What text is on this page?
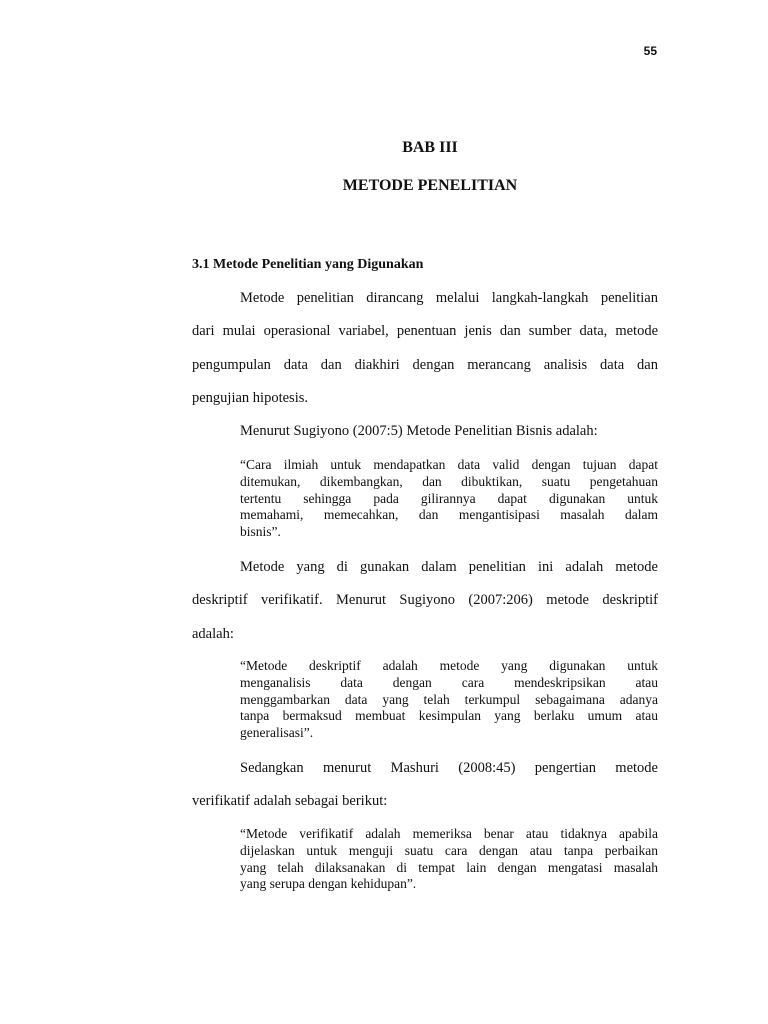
55
BAB III
METODE PENELITIAN
3.1 Metode Penelitian yang Digunakan
Metode penelitian dirancang melalui langkah-langkah penelitian
dari mulai operasional variabel, penentuan jenis dan sumber data, metode
pengumpulan data dan diakhiri dengan merancang analisis data dan
pengujian hipotesis.
Menurut Sugiyono (2007:5) Metode Penelitian Bisnis adalah:
“Cara ilmiah untuk mendapatkan data valid dengan tujuan dapat
ditemukan, dikembangkan, dan dibuktikan, suatu pengetahuan
tertentu sehingga pada gilirannya dapat digunakan untuk
memahami, memecahkan, dan mengantisipasi masalah dalam
bisnis”.
Metode yang di gunakan dalam penelitian ini adalah metode
deskriptif verifikatif. Menurut Sugiyono (2007:206) metode deskriptif
adalah:
“Metode deskriptif adalah metode yang digunakan untuk
menganalisis data dengan cara mendeskripsikan atau
menggambarkan data yang telah terkumpul sebagaimana adanya
tanpa bermaksud membuat kesimpulan yang berlaku umum atau
generalisasi”.
Sedangkan menurut Mashuri (2008:45) pengertian metode
verifikatif adalah sebagai berikut:
“Metode verifikatif adalah memeriksa benar atau tidaknya apabila
dijelaskan untuk menguji suatu cara dengan atau tanpa perbaikan
yang telah dilaksanakan di tempat lain dengan mengatasi masalah
yang serupa dengan kehidupan”.
